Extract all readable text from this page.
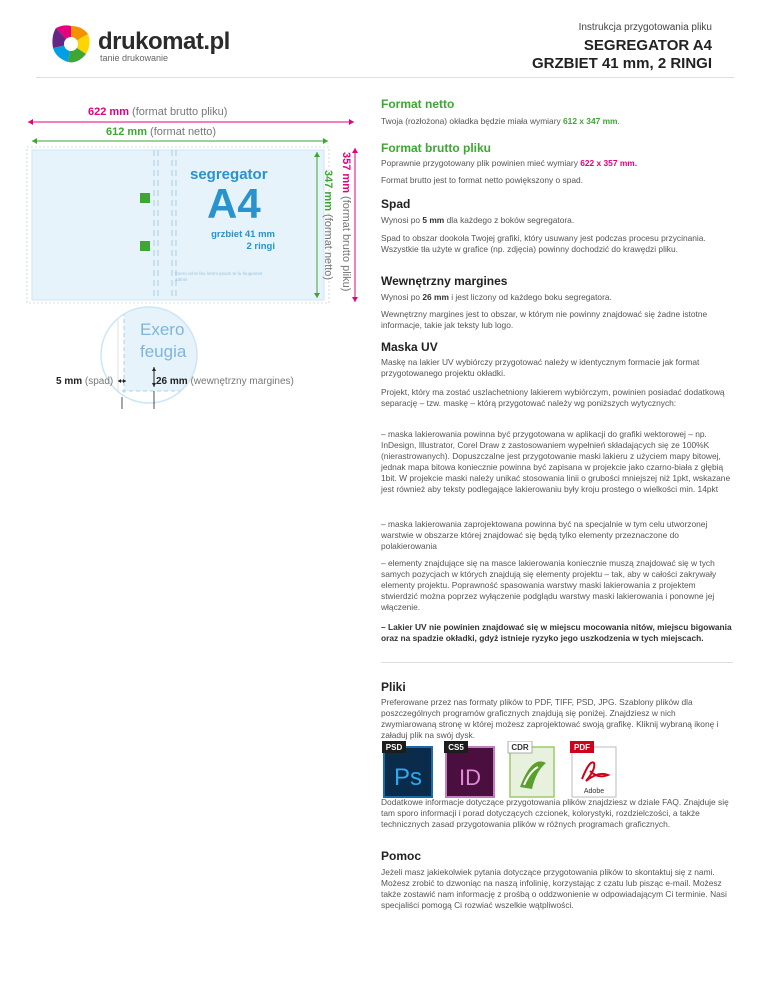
drukomat.pl
tanie drukowanie
Instrukcja przygotowania pliku
SEGREGATOR A4
GRZBIET 41 mm, 2 RINGI
622 mm (format brutto pliku)
612 mm (format netto)
segregator
A4
grzbiet 41 mm
2 ringi
Exero od te feu lorem ipsum te fu feugiamet admin
347 mm (format netto)
357 mm (format brutto pliku)
Exero
feugia
5 mm (spad)	26 mm (wewnętrzny margines)
Format netto

Twoja (rozłożona) okładka będzie miała wymiary 612 x 347 mm.

Format brutto pliku

Poprawnie przygotowany plik powinien mieć wymiary 622 x 357 mm.

Format brutto jest to format netto powiększony o spad.

Spad

Wynosi po 5 mm dla każdego z boków segregatora.

Spad to obszar dookoła Twojej grafiki, który usuwany jest podczas procesu przycinania. Wszystkie tła użyte w grafice (np. zdjęcia) powinny dochodzić do krawędzi pliku.

Wewnętrzny margines

Wynosi po 26 mm i jest liczony od każdego boku segregatora.

Wewnętrzny margines jest to obszar, w którym nie powinny znajdować się żadne istotne informacje, takie jak teksty lub logo.

Maska UV

Maskę na lakier UV wybiórczy przygotować należy w identycznym formacie jak format przygotowanego projektu okładki.

Projekt, który ma zostać uszlachetniony lakierem wybiórczym, powinien posiadać dodatkową separację – tzw. maskę – którą przygotować należy wg poniższych wytycznych:

– maska lakierowania powinna być przygotowana w aplikacji do grafiki wektorowej – np. InDesign, Illustrator, Corel Draw z zastosowaniem wypełnień składających się ze 100%K (nierastrowanych). Dopuszczalne jest przygotowanie maski lakieru z użyciem mapy bitowej, jednak mapa bitowa koniecznie powinna być zapisana w projekcie jako czarno-biała z głębią 1bit. W projekcie maski należy unikać stosowania linii o grubości mniejszej niż 1pkt, wskazane jest również aby teksty podlegające lakierowaniu były kroju prostego o wielkości min. 14pkt

– maska lakierowania zaprojektowana powinna być na specjalnie w tym celu utworzonej warstwie w obszarze której znajdować się będą tylko elementy przeznaczone do polakierowania

– elementy znajdujące się na masce lakierowania koniecznie muszą znajdować się w tych samych pozycjach w których znajdują się elementy projektu – tak, aby w całości zakrywały elementy projektu. Poprawność spasowania warstwy maski lakierowania z projektem stwierdzić można poprzez wyłączenie podglądu warstwy maski lakierowania i ponowne jej włączenie.

– Lakier UV nie powinien znajdować się w miejscu mocowania nitów, miejscu bigowania oraz na spadzie okładki, gdyż istnieje ryzyko jego uszkodzenia w tych miejscach.

Pliki

Preferowane przez nas formaty plików to PDF, TIFF, PSD, JPG. Szablony plików dla poszczególnych programów graficznych znajdują się poniżej. Znajdziesz w nich zwymiarowaną stronę w której możesz zaprojektować swoją grafikę. Kliknij wybraną ikonę i załaduj plik na swój dysk.

PSD
Ps
CS5
ID
CDR	PDF
Adobe

Dodatkowe informacje dotyczące przygotowania plików znajdziesz w dziale FAQ. Znajduje się tam sporo informacji i porad dotyczących czcionek, kolorystyki, rozdzielczości, a także technicznych zasad przygotowania plików w różnych programach graficznych.

Pomoc

Jeżeli masz jakiekolwiek pytania dotyczące przygotowania plików to skontaktuj się z nami. Możesz zrobić to dzwoniąc na naszą infolinię, korzystając z czatu lub pisząc e-mail. Możesz także zostawić nam informację z prośbą o oddzwonienie w odpowiadającym Ci terminie. Nasi specjaliści pomogą Ci rozwiać wszelkie wątpliwości.
